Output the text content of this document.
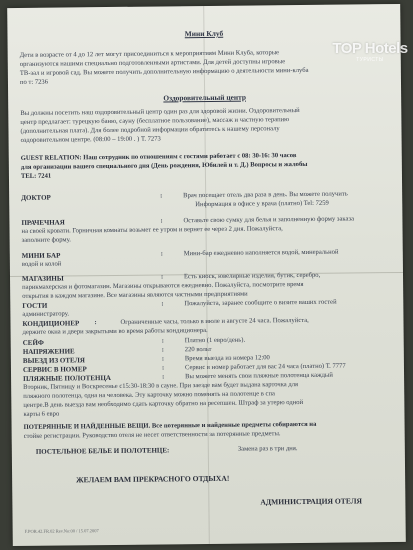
Мини Клуб
Дети в возрасте от 4 до 12 лет могут присоединиться к мероприятиям Мини Клуба, которые
организуются нашими специально подготовленными артистами. Для детей доступны игровые
ТВ-зал и игровой сад. Вы можете получить дополнительную информацию о деятельности мини-клуба
по т: 7236
Оздоровительный центр
Вы должны посетить наш оздоровительный центр один раз для здоровой жизни. Оздоровительный
центр предлагает: турецкую баню, сауну (бесплатное пользование), массаж и частную терапию
(дополнительная плата). Для более подробной информации обратитесь к нашему персоналу
оздоровительном центре. (08:00 – 19:00 . ) Т. 7273
GUEST RELATION: Наш сотрудник по отношениям с гостями работает с 08: 30-16: 30 часов
для организации вашего специального дня (День рождения, Юбилей и т. Д.) Вопросы и жалобы
TEL: 7241
ДОКТОР	:	Врач посещает отель два раза в день. Вы можете получить
Информация в офисе у врача (платно) Tel: 7259
ПРАЧЕЧНАЯ	:	Оставьте свою сумку для белья и заполненную форму заказа
на своей кровати. Горничная комнаты возьмет ее утром и вернет ее через 2 дня. Пожалуйста,
заполните форму.
МИНИ БАР	:	Мини-бар ежедневно наполняется водой, минеральной
водой и колой
МАГАЗИНЫ	:	Есть киоск, ювелирные изделия, бутик, серебро,
парикмахерская и фотомагазин. Магазины открываются ежедневно. Пожалуйста, посмотрите время
открытия в каждом магазине. Все магазины являются частными предприятиями
ГОСТИ	:	Пожалуйста, заранее сообщите о визите ваших гостей
администратору.
КОНДИЦИОНЕР :	Ограниченные часы, только в июле и августе 24 часа. Пожалуйста,
держите окна и двери закрытыми во время работы кондиционера.
СЕЙФ	:	Платно (1 евро/день).
НАПРЯЖЕНИЕ	:	220 вольт
ВЫЕЗД ИЗ ОТЕЛЯ	:	Время выезда из номера 12:00
СЕРВИС В НОМЕР	:	Сервис в номер работает для вас 24 часа (платно) Т. 7777
ПЛЯЖНЫЕ ПОЛОТЕНЦА	:	Вы можете менять свои пляжные полотенца каждый
Вторник, Пятницу и Воскресенье с15:30-18:30 в сауне. При заезде вам будет выдана карточка для
пляжного полотенца, одна на человека. Эту карточку можно поменять на полотенце в спа
центре.В день выезда вам необходимо сдать карточку обратно на ресепшен. Штраф за утерю одной
карты 6 евро
ПОТЕРЯННЫЕ И НАЙДЕННЫЕ ВЕЩИ. Все потерянные и найденные предметы собираются на
стойке регистрации. Руководство отеля не несет ответственности за потерянные предметы.
ПОСТЕЛЬНОЕ БЕЛЬЕ И ПОЛОТЕНЦЕ:	Замена раз в три дня.
ЖЕЛАЕМ ВАМ ПРЕКРАСНОГО ОТДЫХА!
АДМИНИСТРАЦИЯ ОТЕЛЯ
F.POR.42.FR.02 Rev.No:00 / 15.07.2007
TOP Hotels
ТУРИСТЫ
